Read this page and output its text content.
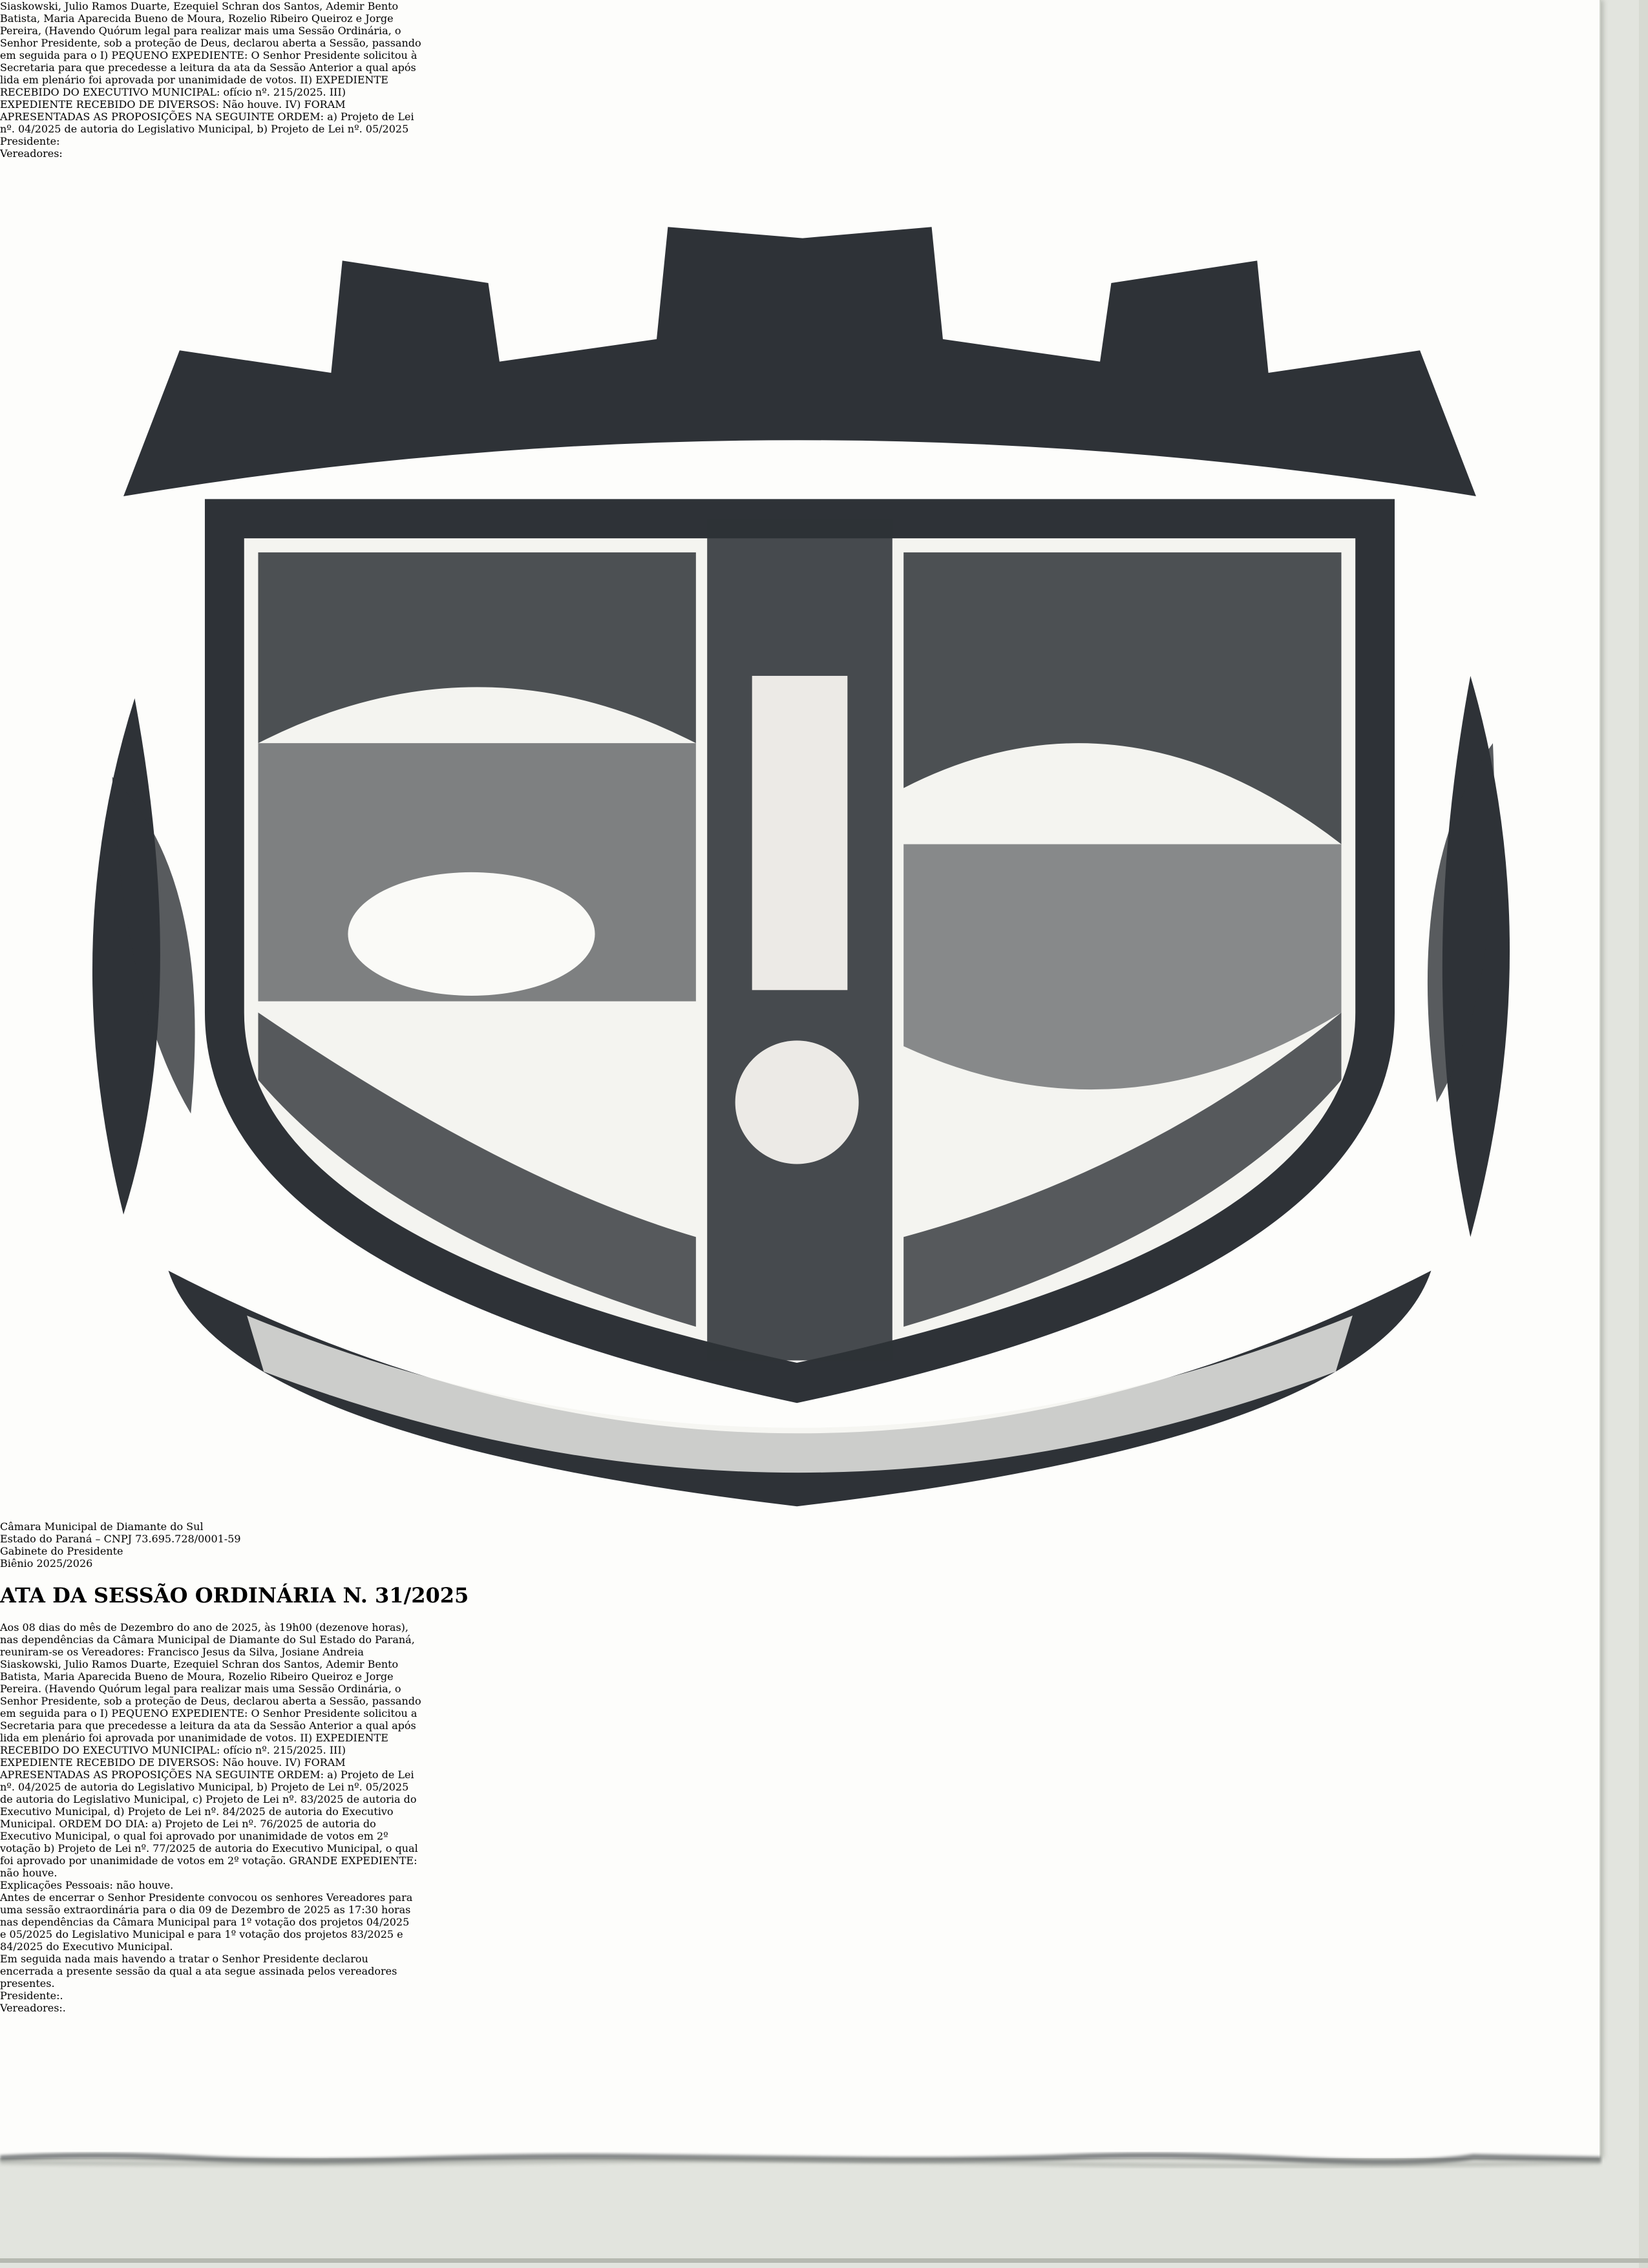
Siaskowski, Julio Ramos Duarte, Ezequiel Schran dos Santos, Ademir Bento
Batista, Maria Aparecida Bueno de Moura, Rozelio Ribeiro Queiroz e Jorge
Pereira, (Havendo Quórum legal para realizar mais uma Sessão Ordinária, o
Senhor Presidente, sob a proteção de Deus, declarou aberta a Sessão, passando
em seguida para o I) PEQUENO EXPEDIENTE: O Senhor Presidente solicitou à
Secretaria para que precedesse a leitura da ata da Sessão Anterior a qual após
lida em plenário foi aprovada por unanimidade de votos. II) EXPEDIENTE
RECEBIDO DO EXECUTIVO MUNICIPAL: ofício nº. 215/2025. III)
EXPEDIENTE RECEBIDO DE DIVERSOS: Não houve. IV) FORAM
APRESENTADAS AS PROPOSIÇÕES NA SEGUINTE ORDEM: a) Projeto de Lei
nº. 04/2025 de autoria do Legislativo Municipal, b) Projeto de Lei nº. 05/2025
Presidente:
Vereadores:
Câmara Municipal de Diamante do Sul
Estado do Paraná – CNPJ 73.695.728/0001-59
Gabinete do Presidente
Biênio 2025/2026
ATA DA SESSÃO ORDINÁRIA N. 31/2025
Aos 08 dias do mês de Dezembro do ano de 2025, às 19h00 (dezenove horas),
nas dependências da Câmara Municipal de Diamante do Sul Estado do Paraná,
reuniram-se os Vereadores: Francisco Jesus da Silva, Josiane Andreia
Siaskowski, Julio Ramos Duarte, Ezequiel Schran dos Santos, Ademir Bento
Batista, Maria Aparecida Bueno de Moura, Rozelio Ribeiro Queiroz e Jorge
Pereira. (Havendo Quórum legal para realizar mais uma Sessão Ordinária, o
Senhor Presidente, sob a proteção de Deus, declarou aberta a Sessão, passando
em seguida para o I) PEQUENO EXPEDIENTE: O Senhor Presidente solicitou a
Secretaria para que precedesse a leitura da ata da Sessão Anterior a qual após
lida em plenário foi aprovada por unanimidade de votos. II) EXPEDIENTE
RECEBIDO DO EXECUTIVO MUNICIPAL: ofício nº. 215/2025. III)
EXPEDIENTE RECEBIDO DE DIVERSOS: Não houve. IV) FORAM
APRESENTADAS AS PROPOSIÇÕES NA SEGUINTE ORDEM: a) Projeto de Lei
nº. 04/2025 de autoria do Legislativo Municipal, b) Projeto de Lei nº. 05/2025
de autoria do Legislativo Municipal, c) Projeto de Lei nº. 83/2025 de autoria do
Executivo Municipal, d) Projeto de Lei nº. 84/2025 de autoria do Executivo
Municipal. ORDEM DO DIA: a) Projeto de Lei nº. 76/2025 de autoria do
Executivo Municipal, o qual foi aprovado por unanimidade de votos em 2º
votação b) Projeto de Lei nº. 77/2025 de autoria do Executivo Municipal, o qual
foi aprovado por unanimidade de votos em 2º votação. GRANDE EXPEDIENTE:
não houve.
Explicações Pessoais: não houve.
Antes de encerrar o Senhor Presidente convocou os senhores Vereadores para
uma sessão extraordinária para o dia 09 de Dezembro de 2025 as 17:30 horas
nas dependências da Câmara Municipal para 1º votação dos projetos 04/2025
e 05/2025 do Legislativo Municipal e para 1º votação dos projetos 83/2025 e
84/2025 do Executivo Municipal.
Em seguida nada mais havendo a tratar o Senhor Presidente declarou
encerrada a presente sessão da qual a ata segue assinada pelos vereadores
presentes.
Presidente:.
Vereadores:.
